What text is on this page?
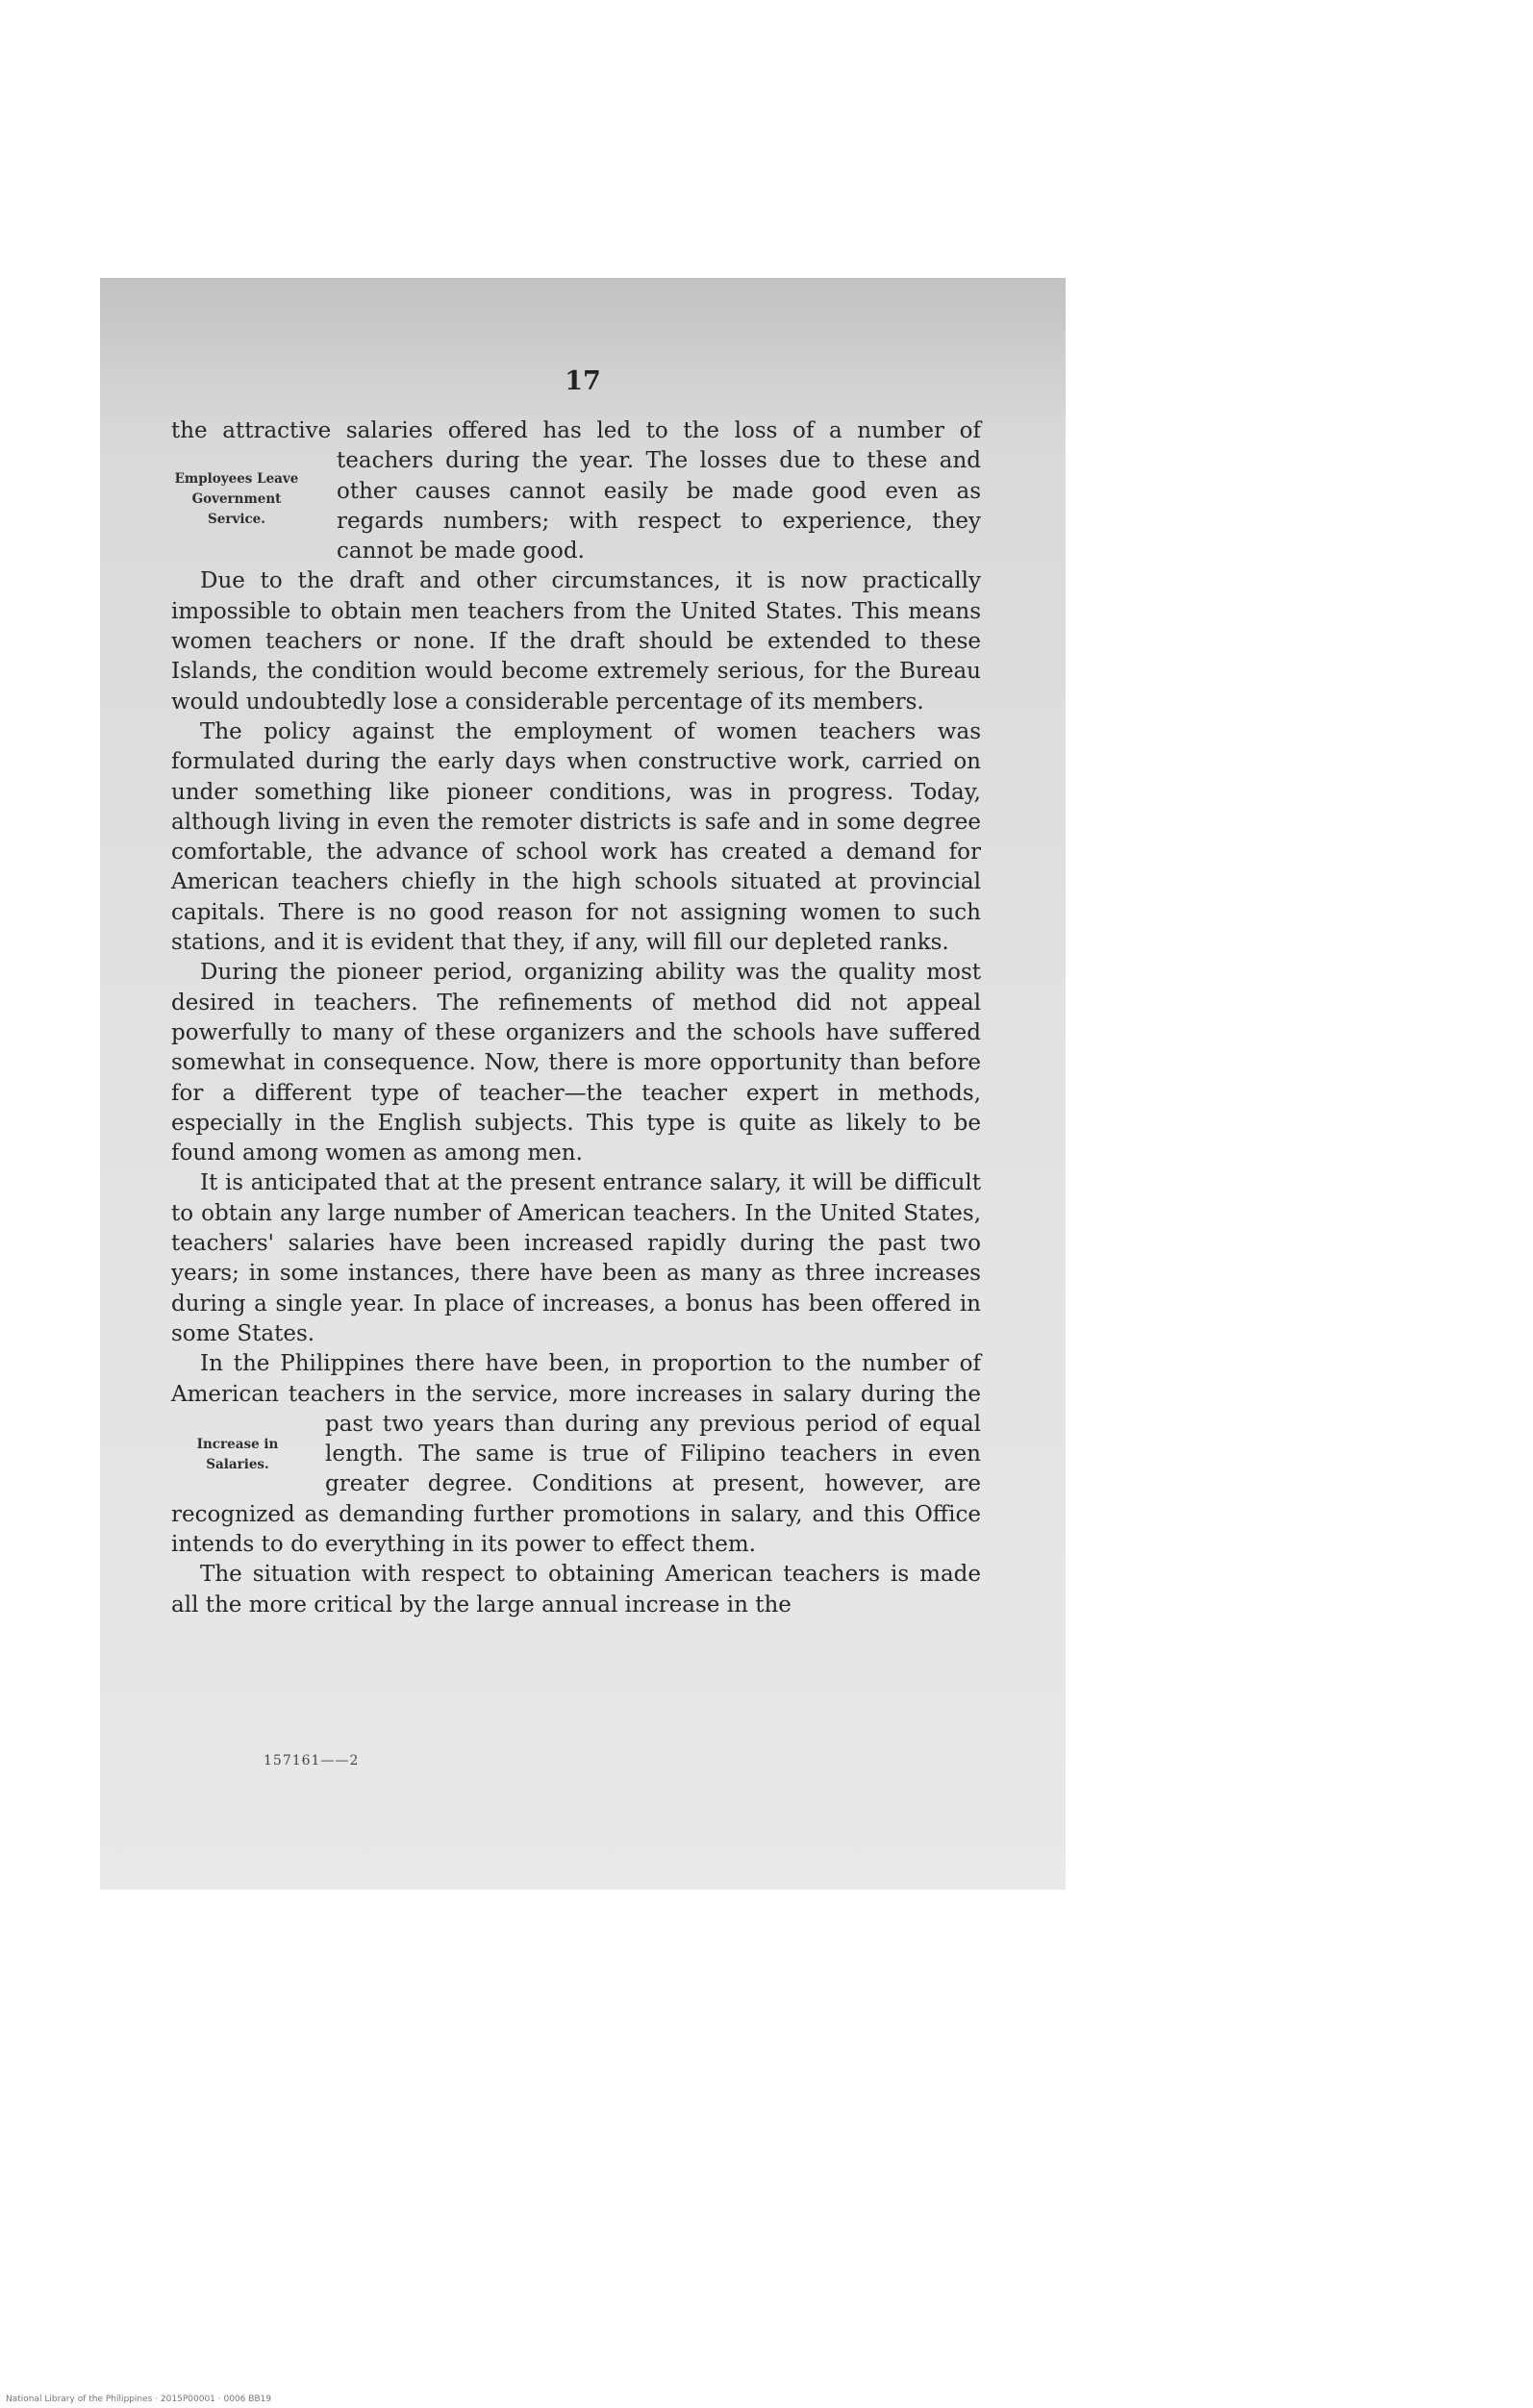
17

the attractive salaries offered has led to the loss of a number of
Employees Leave
Government
Service.
teachers during the year. The losses due to these and other causes cannot easily be made good even as regards numbers; with respect to experience, they cannot be made good.

Due to the draft and other circumstances, it is now practically impossible to obtain men teachers from the United States. This means women teachers or none. If the draft should be extended to these Islands, the condition would become extremely serious, for the Bureau would undoubtedly lose a considerable percentage of its members.

The policy against the employment of women teachers was formulated during the early days when constructive work, carried on under something like pioneer conditions, was in progress. Today, although living in even the remoter districts is safe and in some degree comfortable, the advance of school work has created a demand for American teachers chiefly in the high schools situated at provincial capitals. There is no good reason for not assigning women to such stations, and it is evident that they, if any, will fill our depleted ranks.

During the pioneer period, organizing ability was the quality most desired in teachers. The refinements of method did not appeal powerfully to many of these organizers and the schools have suffered somewhat in consequence. Now, there is more opportunity than before for a different type of teacher—the teacher expert in methods, especially in the English subjects. This type is quite as likely to be found among women as among men.

It is anticipated that at the present entrance salary, it will be difficult to obtain any large number of American teachers. In the United States, teachers' salaries have been increased rapidly during the past two years; in some instances, there have been as many as three increases during a single year. In place of increases, a bonus has been offered in some States.

In the Philippines there have been, in proportion to the number of American teachers in the service, more increases in salary during the past two years than during any previous period of
Increase in
Salaries.
equal length. The same is true of Filipino teachers in even greater degree. Conditions at present, however, are recognized as demanding further promotions in salary, and this Office intends to do everything in its power to effect them.

The situation with respect to obtaining American teachers is made all the more critical by the large annual increase in the

157161——2
National Library of the Philippines · 2015P00001 · 0006 BB19
